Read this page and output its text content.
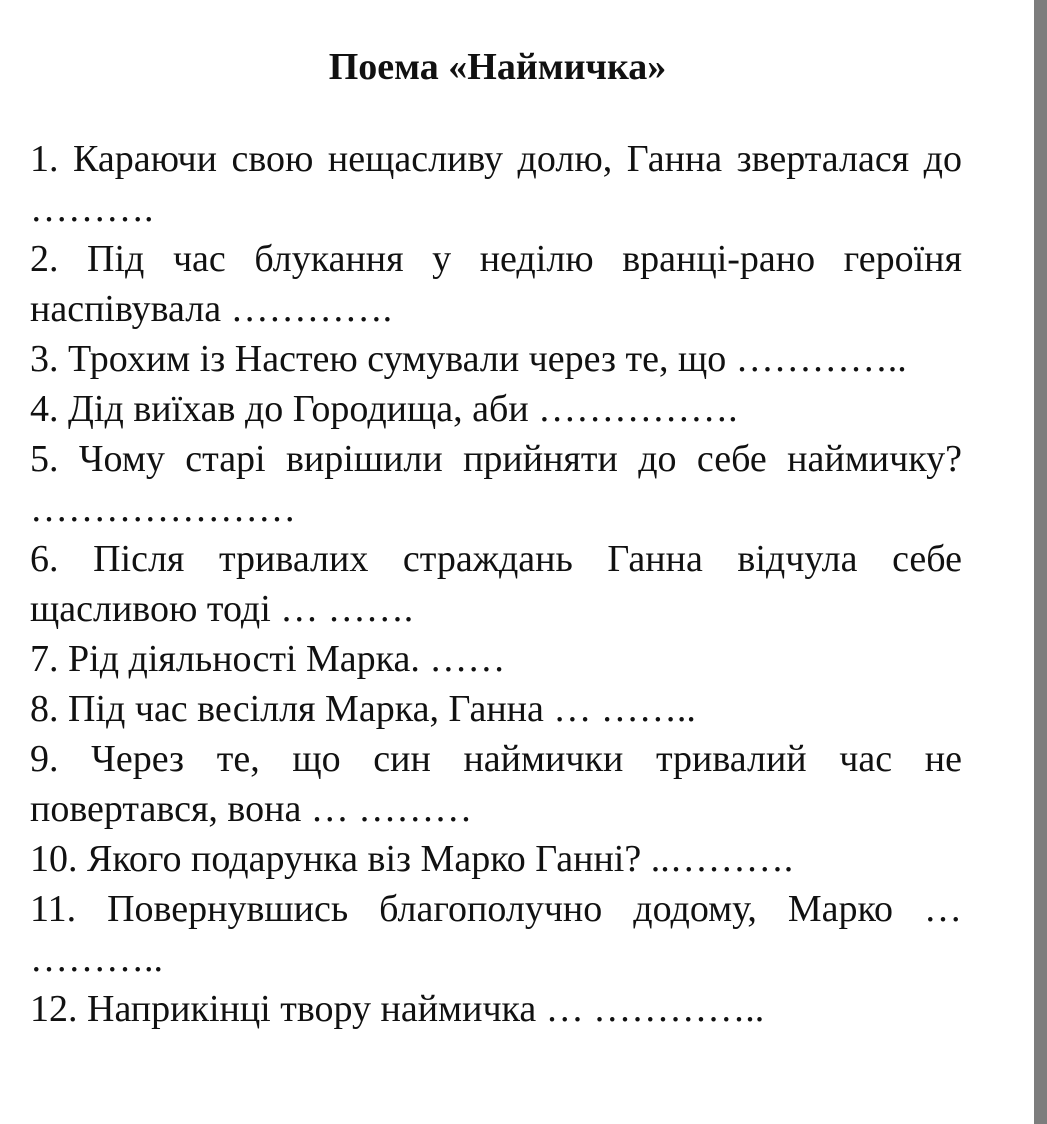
Поема «Наймичка»
1. Караючи свою нещасливу долю, Ганна зверталася до ……….
2. Під час блукання у неділю вранці-рано героїня наспівувала ………….
3. Трохим із Настею сумували через те, що …………..
4. Дід виїхав до Городища, аби …………….
5. Чому старі вирішили прийняти до себе наймичку? …………………
6. Після тривалих страждань Ганна відчула себе щасливою тоді … …….
7. Рід діяльності Марка. ……
8. Під час весілля Марка, Ганна … ……..
9. Через те, що син наймички тривалий час не повертався, вона … ………
10. Якого подарунка віз Марко Ганні? ..……….
11. Повернувшись благополучно додому, Марко … ………..
12. Наприкінці твору наймичка … …………..
